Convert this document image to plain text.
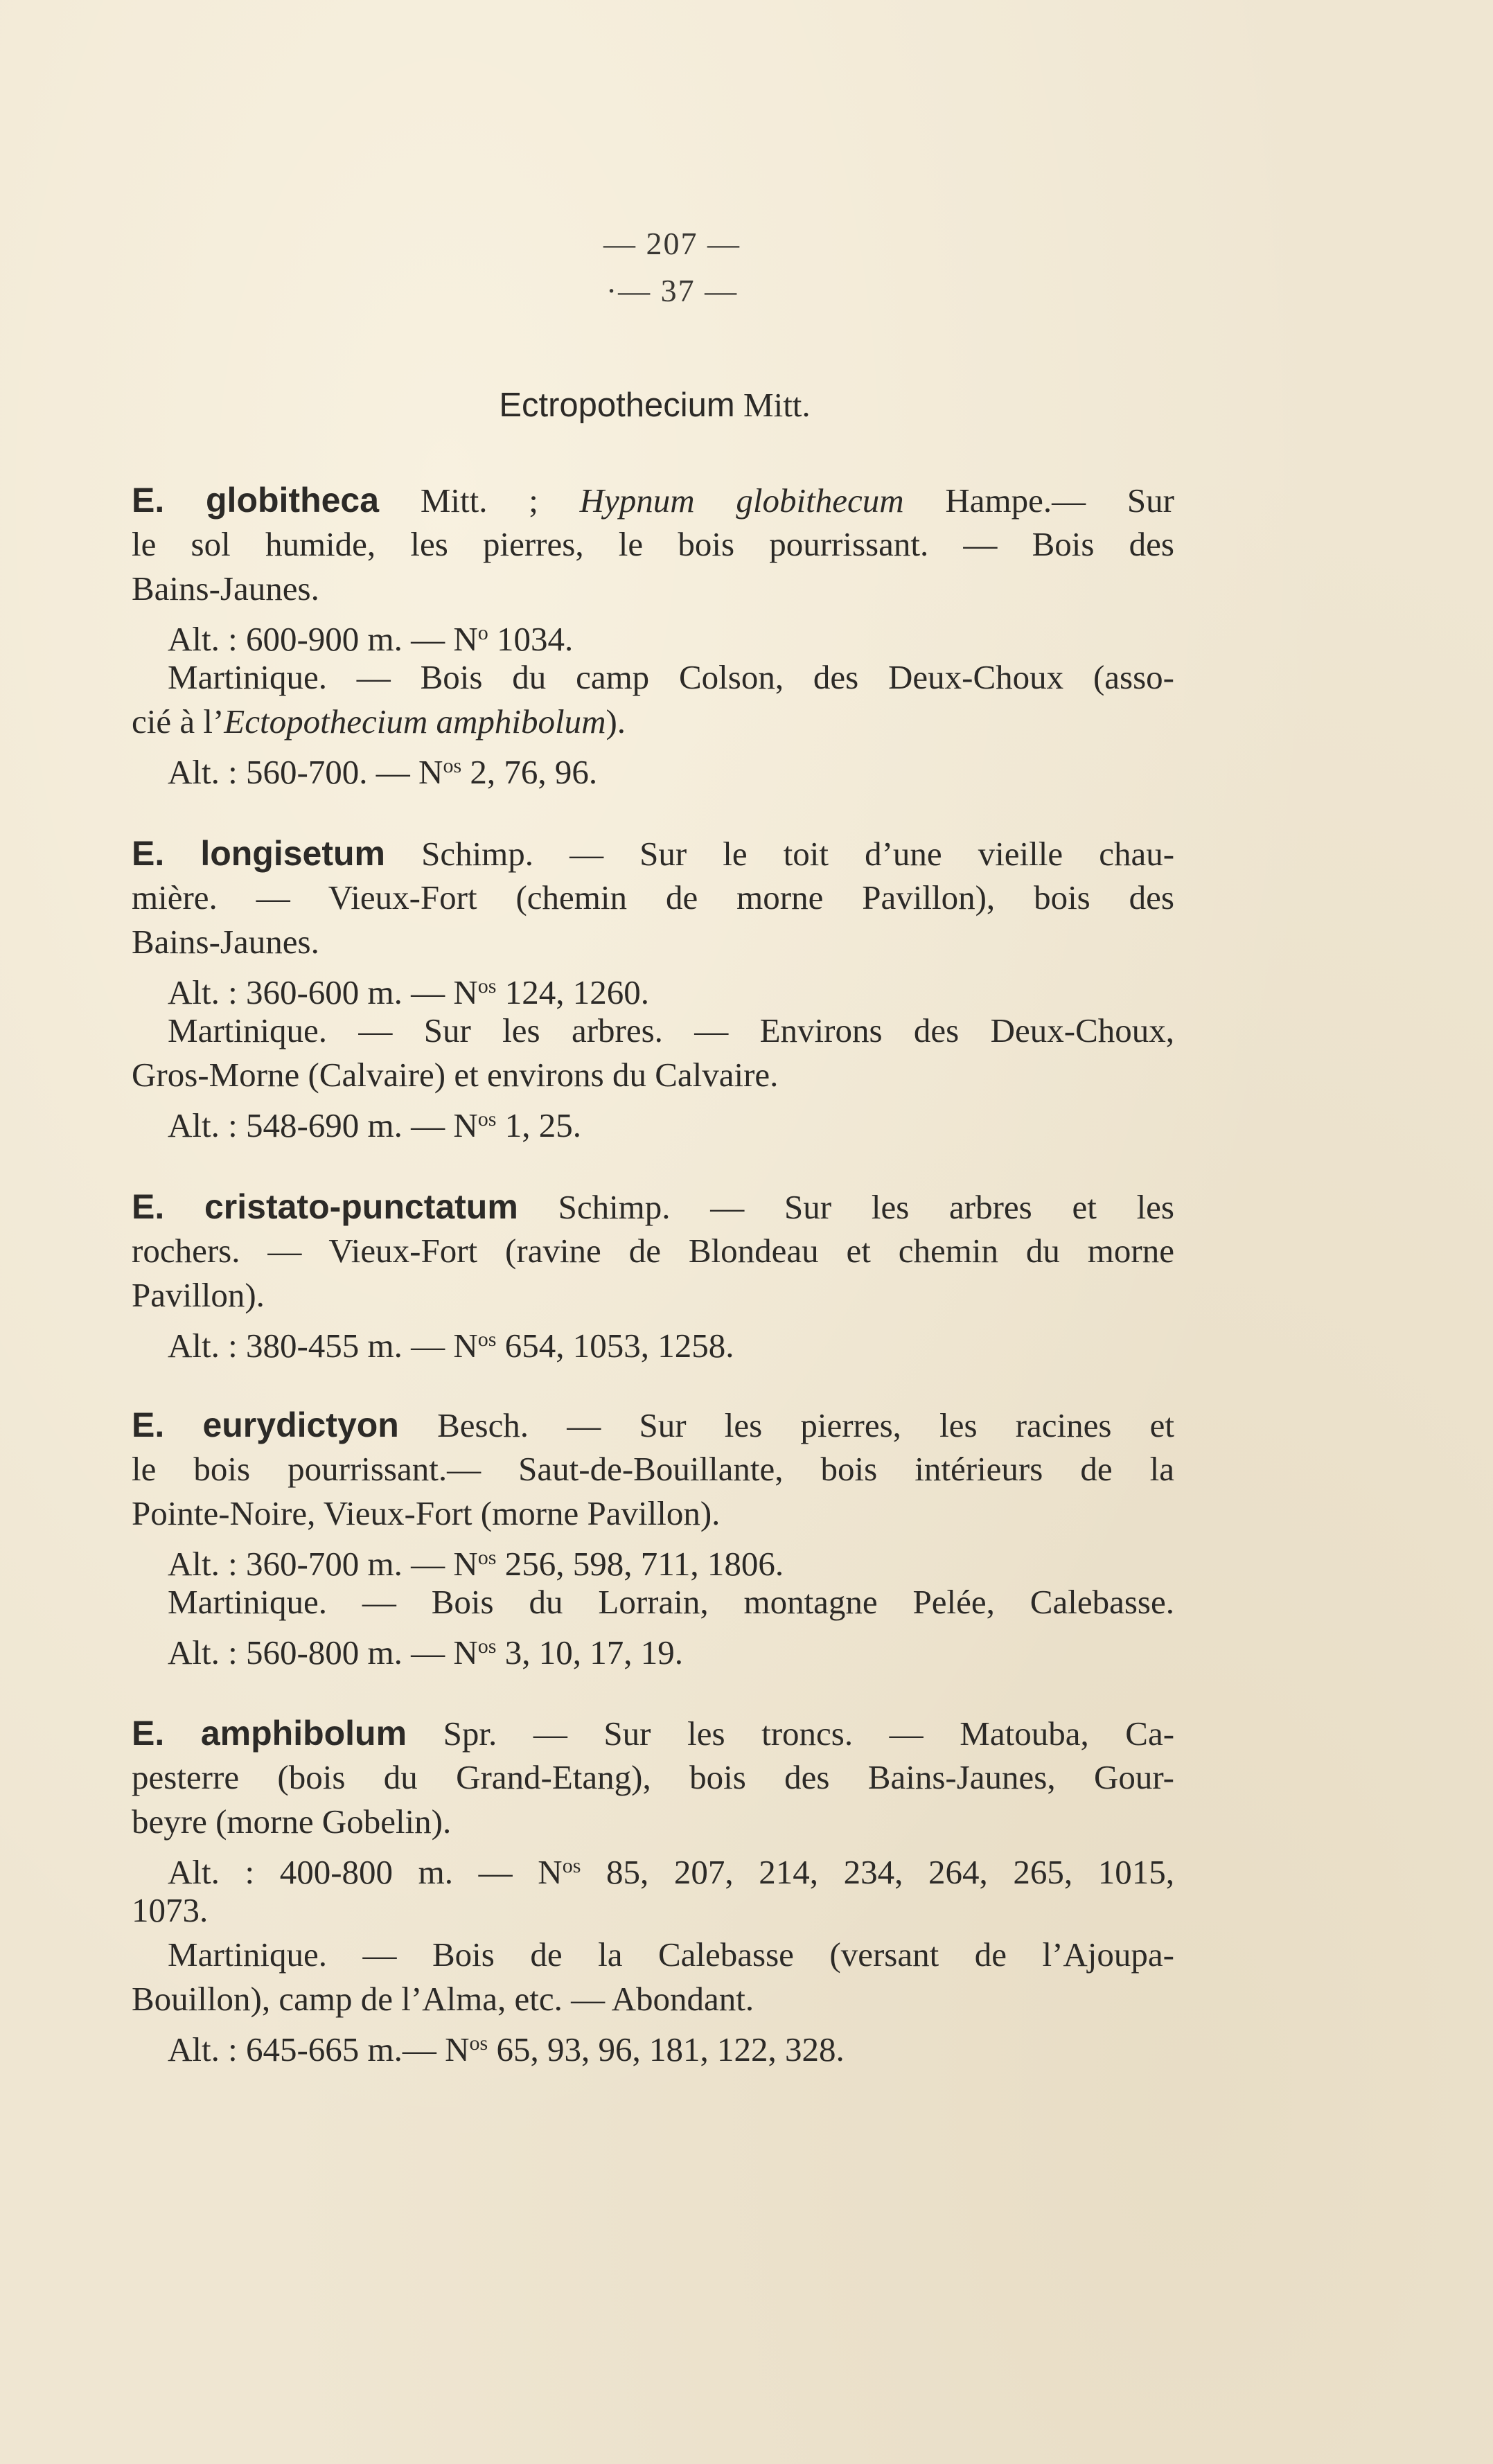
— 207 —
·— 37 —
Ectropothecium Mitt.
E. globitheca Mitt. ; Hypnum globithecum Hampe.— Sur
le sol humide, les pierres, le bois pourrissant. — Bois des
Bains-Jaunes.
Alt. : 600-900 m. — $N^o$ 1034.
Martinique. — Bois du camp Colson, des Deux-Choux (asso-
cié à l’Ectopothecium amphibolum).
Alt. : 560-700. — $N^{os}$ 2, 76, 96.
E. longisetum Schimp. — Sur le toit d’une vieille chau-
mière. — Vieux-Fort (chemin de morne Pavillon), bois des
Bains-Jaunes.
Alt. : 360-600 m. — $N^{os}$ 124, 1260.
Martinique. — Sur les arbres. — Environs des Deux-Choux,
Gros-Morne (Calvaire) et environs du Calvaire.
Alt. : 548-690 m. — $N^{os}$ 1, 25.
E. cristato-punctatum Schimp. — Sur les arbres et les
rochers. — Vieux-Fort (ravine de Blondeau et chemin du morne
Pavillon).
Alt. : 380-455 m. — $N^{os}$ 654, 1053, 1258.
E. eurydictyon Besch. — Sur les pierres, les racines et
le bois pourrissant.— Saut-de-Bouillante, bois intérieurs de la
Pointe-Noire, Vieux-Fort (morne Pavillon).
Alt. : 360-700 m. — $N^{os}$ 256, 598, 711, 1806.
Martinique. — Bois du Lorrain, montagne Pelée, Calebasse.
Alt. : 560-800 m. — $N^{os}$ 3, 10, 17, 19.
E. amphibolum Spr. — Sur les troncs. — Matouba, Ca-
pesterre (bois du Grand-Etang), bois des Bains-Jaunes, Gour-
beyre (morne Gobelin).
Alt. : 400-800 m. — $N^{os}$ 85, 207, 214, 234, 264, 265, 1015,
1073.
Martinique. — Bois de la Calebasse (versant de l’Ajoupa-
Bouillon), camp de l’Alma, etc. — Abondant.
Alt. : 645-665 m.— $N^{os}$ 65, 93, 96, 181, 122, 328.
